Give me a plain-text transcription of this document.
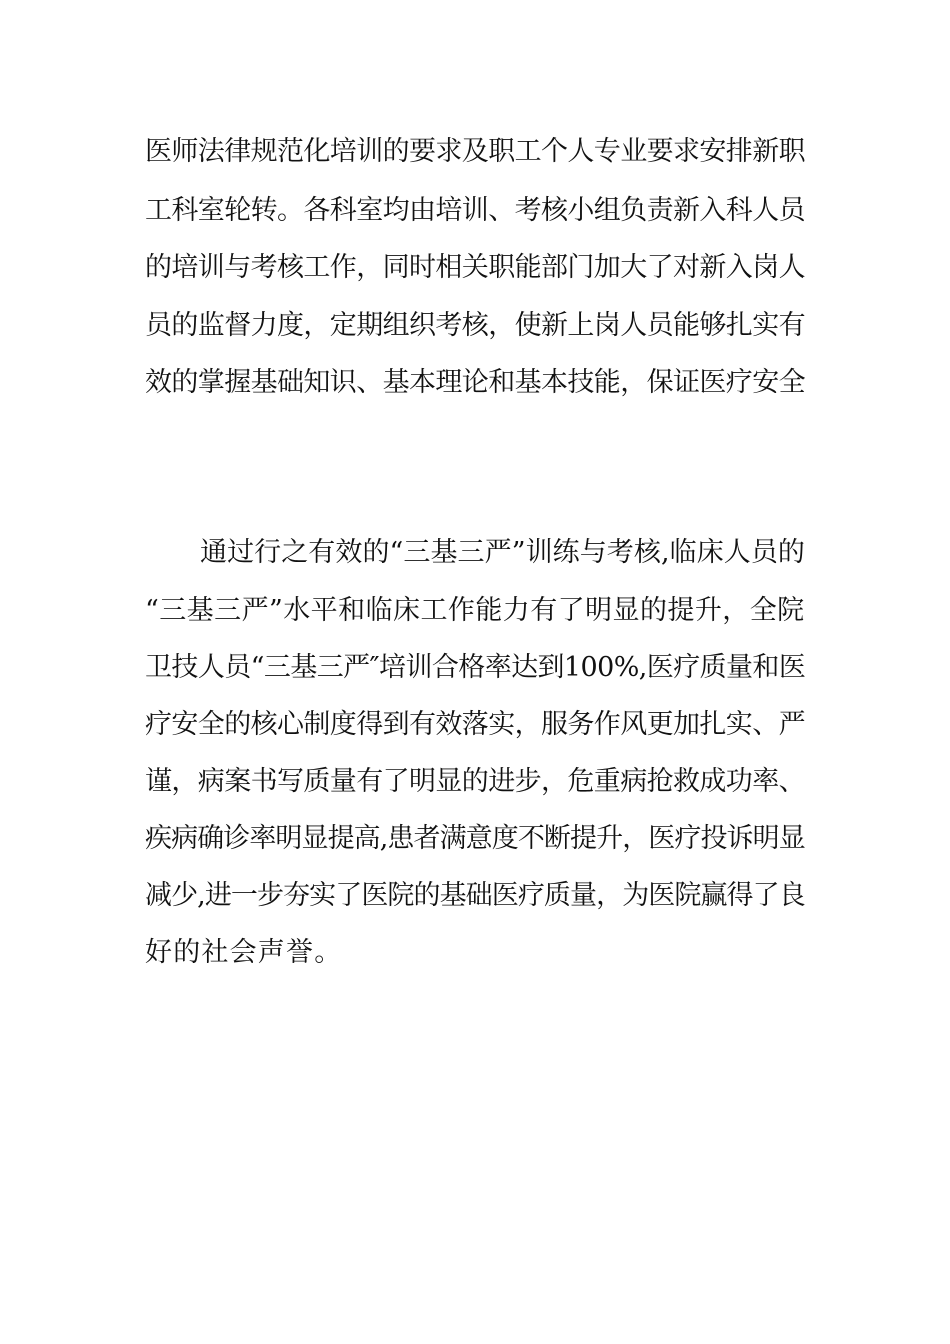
医师法律规范化培训的要求及职工个人专业要求安排新职

工科室轮转。各科室均由培训、考核小组负责新入科人员

的培训与考核工作，同时相关职能部门加大了对新入岗人

员的监督力度，定期组织考核，使新上岗人员能够扎实有

效的掌握基础知识、基本理论和基本技能，保证医疗安全

通过行之有效的“三基三严”训练与考核,临床人员的

“三基三严”水平和临床工作能力有了明显的提升，全院

卫技人员“三基三严″培训合格率达到100%,医疗质量和医

疗安全的核心制度得到有效落实，服务作风更加扎实、严

谨，病案书写质量有了明显的进步，危重病抢救成功率、

疾病确诊率明显提高,患者满意度不断提升，医疗投诉明显

减少,进一步夯实了医院的基础医疗质量，为医院赢得了良

好的社会声誉。
